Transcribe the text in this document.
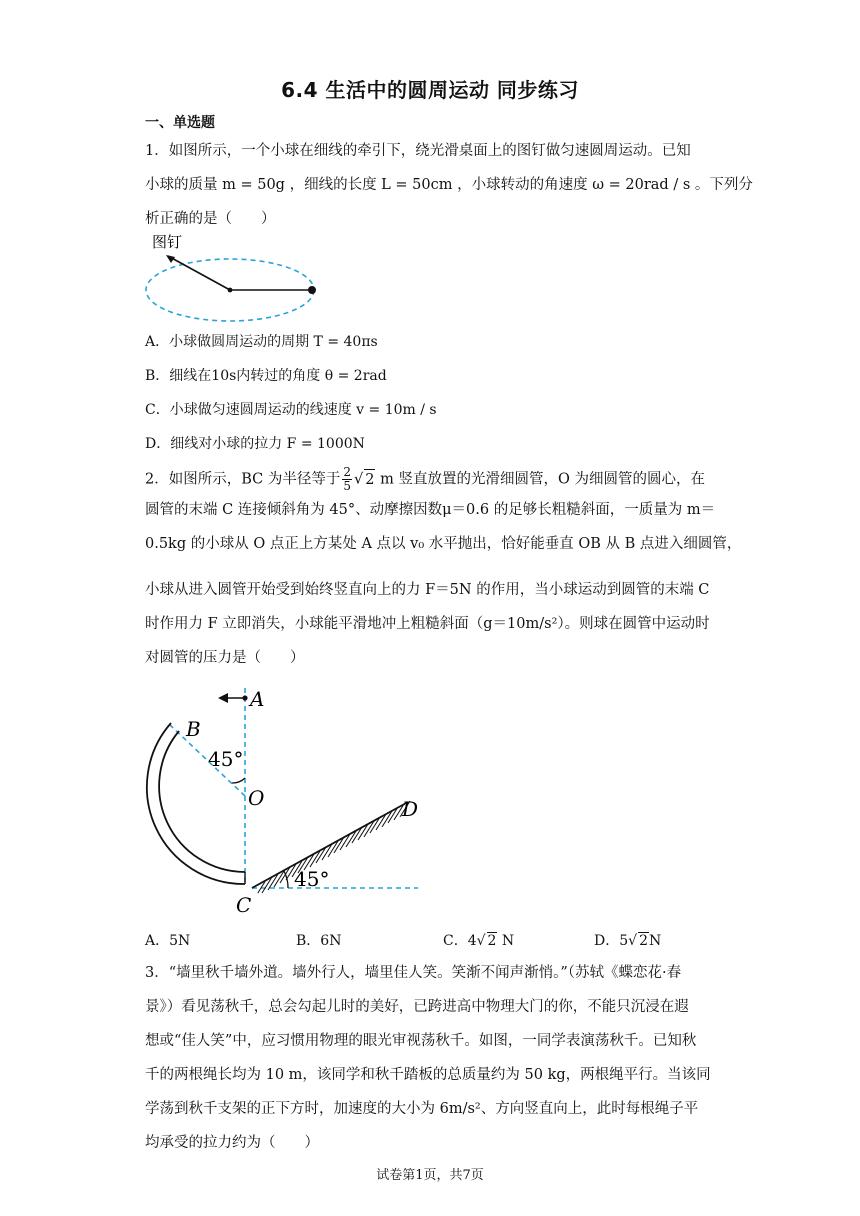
6.4 生活中的圆周运动 同步练习
一、单选题
1．如图所示，一个小球在细线的牵引下，绕光滑桌面上的图钉做匀速圆周运动。已知
小球的质量 m = 50g ，细线的长度 L = 50cm ，小球转动的角速度 ω = 20rad / s 。下列分
析正确的是（　　）
图钉
A．小球做圆周运动的周期 T = 40πs
B．细线在10s内转过的角度 θ = 2rad
C．小球做匀速圆周运动的线速度 v = 10m / s
D．细线对小球的拉力 F = 1000N
2．如图所示，BC 为半径等于 $\frac{2}{5}$ √ 2 m 竖直放置的光滑细圆管，O 为细圆管的圆心，在
圆管的末端 C 连接倾斜角为 45°、动摩擦因数μ＝0.6 的足够长粗糙斜面，一质量为 m＝
0.5kg 的小球从 O 点正上方某处 A 点以 v₀ 水平抛出，恰好能垂直 OB 从 B 点进入细圆管，
小球从进入圆管开始受到始终竖直向上的力 F＝5N 的作用，当小球运动到圆管的末端 C
时作用力 F 立即消失，小球能平滑地冲上粗糙斜面（g＝10m/s²）。则球在圆管中运动时
对圆管的压力是（　　）
A
B
45°
O
45°
D
C
A．5N	B．6N	C．4√ 2 N	D．5√ 2N
3．“墙里秋千墙外道。墙外行人，墙里佳人笑。笑渐不闻声渐悄。”（苏轼《蝶恋花·春
景》）看见荡秋千，总会勾起儿时的美好，已跨进高中物理大门的你，不能只沉浸在遐
想或“佳人笑”中，应习惯用物理的眼光审视荡秋千。如图，一同学表演荡秋千。已知秋
千的两根绳长均为 10 m，该同学和秋千踏板的总质量约为 50 kg，两根绳平行。当该同
学荡到秋千支架的正下方时，加速度的大小为 6m/s²、方向竖直向上，此时每根绳子平
均承受的拉力约为（　　）
试卷第1页，共7页
